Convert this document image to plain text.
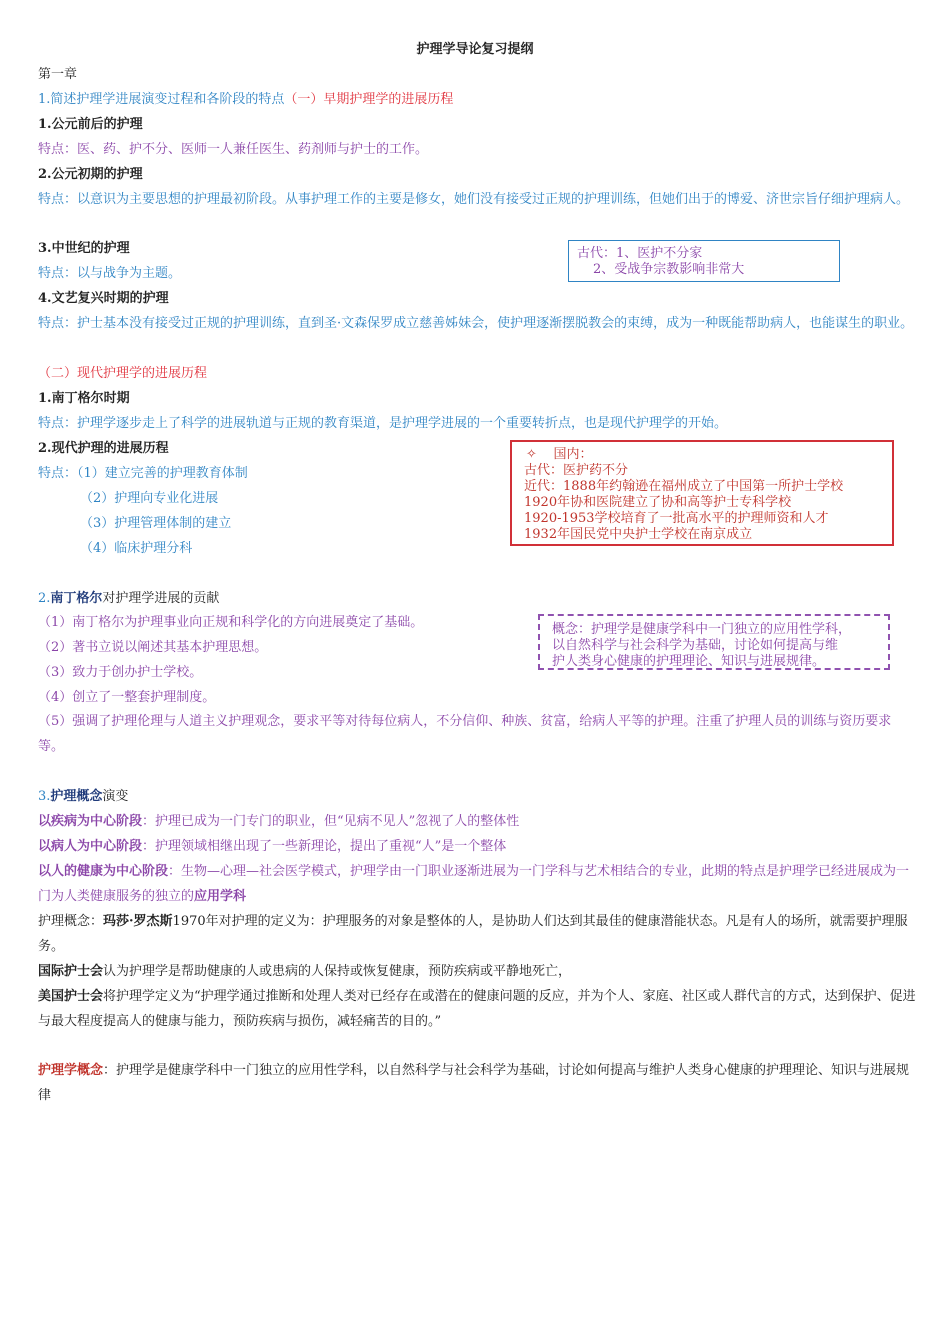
护理学导论复习提纲
第一章
1.简述护理学进展演变过程和各阶段的特点（一）早期护理学的进展历程
1.公元前后的护理
特点：医、药、护不分、医师一人兼任医生、药剂师与护士的工作。
2.公元初期的护理
特点：以意识为主要思想的护理最初阶段。从事护理工作的主要是修女，她们没有接受过正规的护理训练，但她们出于的博爱、济世宗旨仔细护理病人。
3.中世纪的护理
特点：以与战争为主题。
4.文艺复兴时期的护理
特点：护士基本没有接受过正规的护理训练，直到圣·文森保罗成立慈善姊妹会，使护理逐渐摆脱教会的束缚，成为一种既能帮助病人，也能谋生的职业。
（二）现代护理学的进展历程
1.南丁格尔时期
特点：护理学逐步走上了科学的进展轨道与正规的教育渠道，是护理学进展的一个重要转折点，也是现代护理学的开始。
2.现代护理的进展历程
特点：（1）建立完善的护理教育体制
（2）护理向专业化进展
（3）护理管理体制的建立
（4）临床护理分科
2.南丁格尔对护理学进展的贡献
（1）南丁格尔为护理事业向正规和科学化的方向进展奠定了基础。
（2）著书立说以阐述其基本护理思想。
（3）致力于创办护士学校。
（4）创立了一整套护理制度。
（5）强调了护理伦理与人道主义护理观念，要求平等对待每位病人，不分信仰、种族、贫富，给病人平等的护理。注重了护理人员的训练与资历要求等。
3.护理概念演变
以疾病为中心阶段：护理已成为一门专门的职业，但“见病不见人”忽视了人的整体性
以病人为中心阶段：护理领域相继出现了一些新理论，提出了重视“人”是一个整体
以人的健康为中心阶段：生物—心理—社会医学模式，护理学由一门职业逐渐进展为一门学科与艺术相结合的专业，此期的特点是护理学已经进展成为一门为人类健康服务的独立的应用学科
护理概念：玛莎·罗杰斯1970年对护理的定义为：护理服务的对象是整体的人，是协助人们达到其最佳的健康潜能状态。凡是有人的场所，就需要护理服务。
国际护士会认为护理学是帮助健康的人或患病的人保持或恢复健康，预防疾病或平静地死亡，
美国护士会将护理学定义为“护理学通过推断和处理人类对已经存在或潜在的健康问题的反应，并为个人、家庭、社区或人群代言的方式，达到保护、促进与最大程度提高人的健康与能力，预防疾病与损伤，减轻痛苦的目的。”
护理学概念：护理学是健康学科中一门独立的应用性学科，以自然科学与社会科学为基础，讨论如何提高与维护人类身心健康的护理理论、知识与进展规律
古代：1、医护不分家
2、受战争宗教影响非常大
✧ 国内：
古代：医护药不分
近代：1888年约翰逊在福州成立了中国第一所护士学校
1920年协和医院建立了协和高等护士专科学校
1920-1953学校培育了一批高水平的护理师资和人才
1932年国民党中央护士学校在南京成立
概念：护理学是健康学科中一门独立的应用性学科，
以自然科学与社会科学为基础，讨论如何提高与维
护人类身心健康的护理理论、知识与进展规律。
